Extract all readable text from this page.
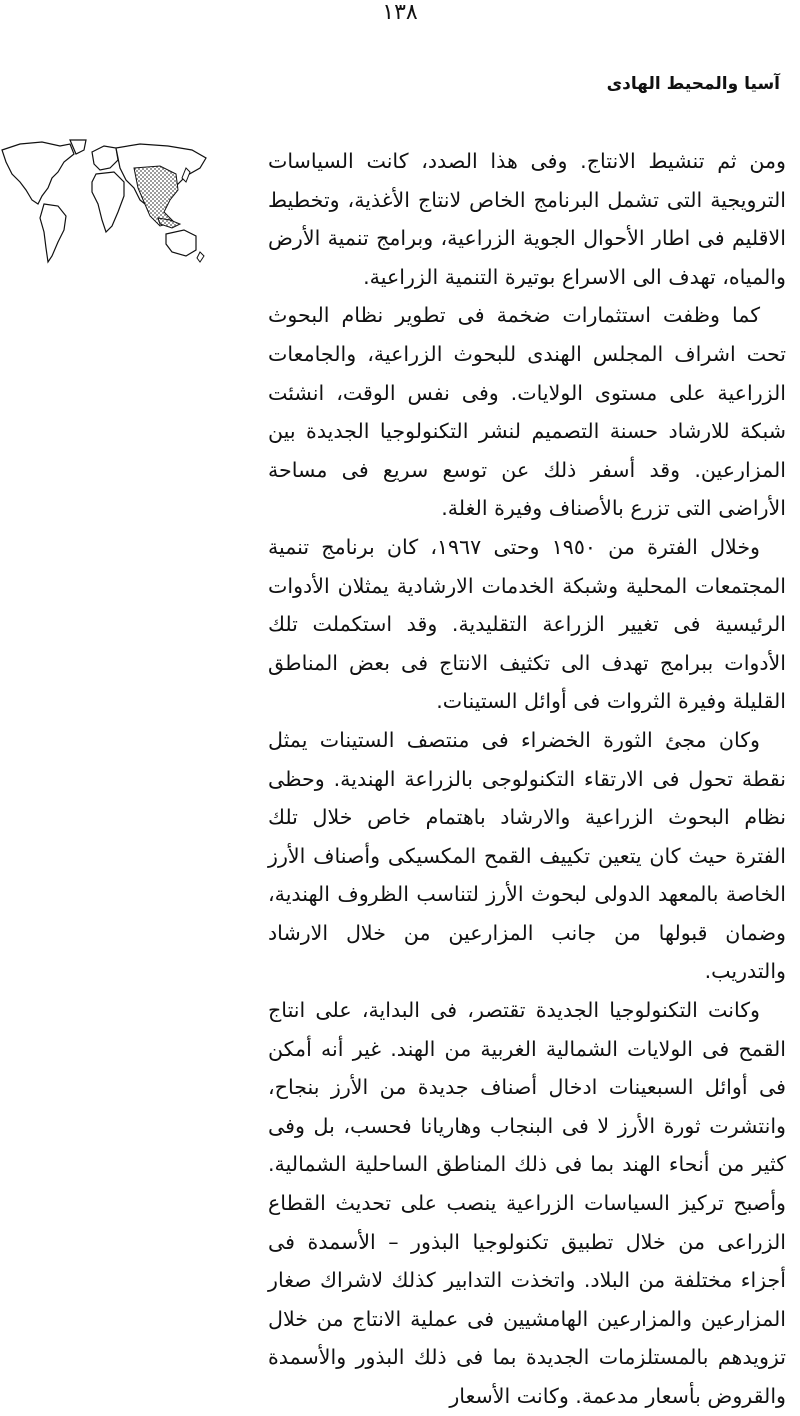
١٣٨
آسيا والمحيط الهادى

ومن ثم تنشيط الانتاج. وفى هذا الصدد، كانت السياسات الترويجية التى تشمل البرنامج الخاص لانتاج الأغذية، وتخطيط الاقليم فى اطار الأحوال الجوية الزراعية، وبرامج تنمية الأرض والمياه، تهدف الى الاسراع بوتيرة التنمية الزراعية.

كما وظفت استثمارات ضخمة فى تطوير نظام البحوث تحت اشراف المجلس الهندى للبحوث الزراعية، والجامعات الزراعية على مستوى الولايات. وفى نفس الوقت، انشئت شبكة للارشاد حسنة التصميم لنشر التكنولوجيا الجديدة بين المزارعين. وقد أسفر ذلك عن توسع سريع فى مساحة الأراضى التى تزرع بالأصناف وفيرة الغلة.

وخلال الفترة من ١٩٥٠ وحتى ١٩٦٧، كان برنامج تنمية المجتمعات المحلية وشبكة الخدمات الارشادية يمثلان الأدوات الرئيسية فى تغيير الزراعة التقليدية. وقد استكملت تلك الأدوات ببرامج تهدف الى تكثيف الانتاج فى بعض المناطق القليلة وفيرة الثروات فى أوائل الستينات.

وكان مجئ الثورة الخضراء فى منتصف الستينات يمثل نقطة تحول فى الارتقاء التكنولوجى بالزراعة الهندية. وحظى نظام البحوث الزراعية والارشاد باهتمام خاص خلال تلك الفترة حيث كان يتعين تكييف القمح المكسيكى وأصناف الأرز الخاصة بالمعهد الدولى لبحوث الأرز لتناسب الظروف الهندية، وضمان قبولها من جانب المزارعين من خلال الارشاد والتدريب.

وكانت التكنولوجيا الجديدة تقتصر، فى البداية، على انتاج القمح فى الولايات الشمالية الغربية من الهند. غير أنه أمكن فى أوائل السبعينات ادخال أصناف جديدة من الأرز بنجاح، وانتشرت ثورة الأرز لا فى البنجاب وهاريانا فحسب، بل وفى كثير من أنحاء الهند بما فى ذلك المناطق الساحلية الشمالية. وأصبح تركيز السياسات الزراعية ينصب على تحديث القطاع الزراعى من خلال تطبيق تكنولوجيا البذور – الأسمدة فى أجزاء مختلفة من البلاد. واتخذت التدابير كذلك لاشراك صغار المزارعين والمزارعين الهامشيين فى عملية الانتاج من خلال تزويدهم بالمستلزمات الجديدة بما فى ذلك البذور والأسمدة والقروض بأسعار مدعمة. وكانت الأسعار
